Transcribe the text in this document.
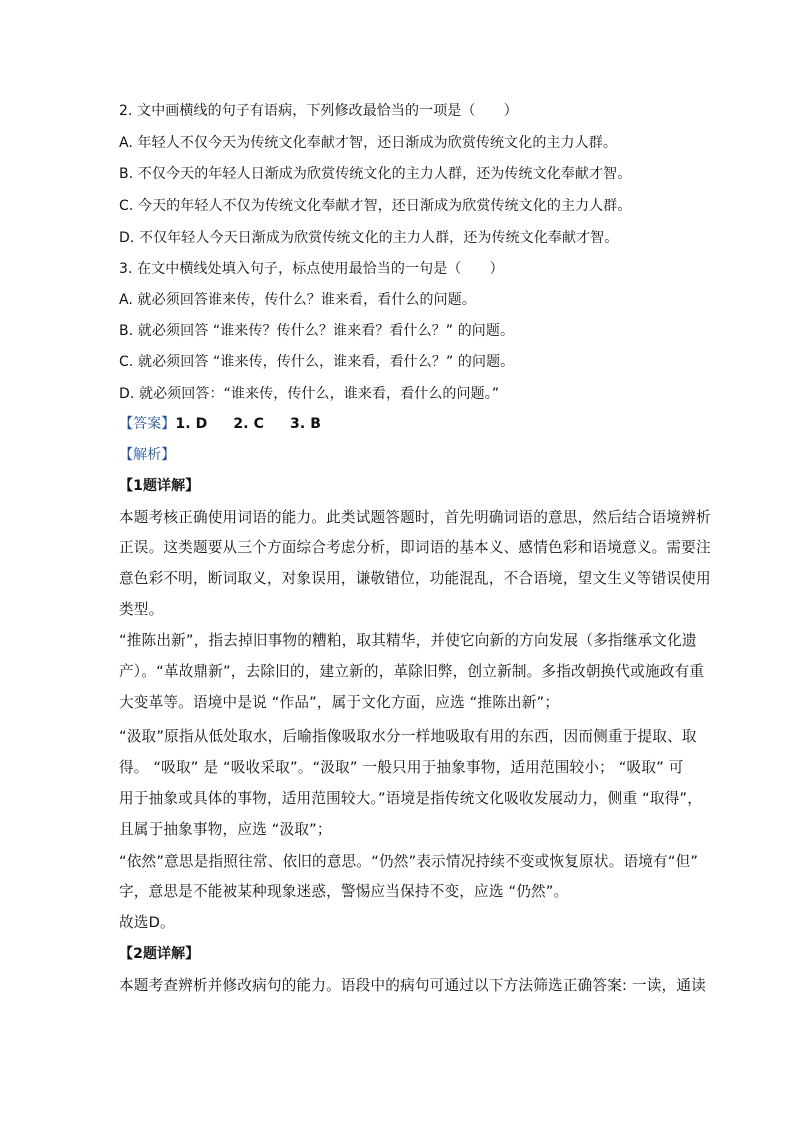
2. 文中画横线的句子有语病，下列修改最恰当的一项是（　　）
A. 年轻人不仅今天为传统文化奉献才智，还日渐成为欣赏传统文化的主力人群。
B. 不仅今天的年轻人日渐成为欣赏传统文化的主力人群，还为传统文化奉献才智。
C. 今天的年轻人不仅为传统文化奉献才智，还日渐成为欣赏传统文化的主力人群。
D. 不仅年轻人今天日渐成为欣赏传统文化的主力人群，还为传统文化奉献才智。
3. 在文中横线处填入句子，标点使用最恰当的一句是（　　）
A. 就必须回答谁来传，传什么？谁来看，看什么的问题。
B. 就必须回答 “谁来传？传什么？谁来看？看什么？” 的问题。
C. 就必须回答 “谁来传，传什么，谁来看，看什么？” 的问题。
D. 就必须回答：“谁来传，传什么，谁来看，看什么的问题。”
【答案】1. D 2. C 3. B
【解析】
【1题详解】
本题考核正确使用词语的能力。此类试题答题时，首先明确词语的意思，然后结合语境辨析
正误。这类题要从三个方面综合考虑分析，即词语的基本义、感情色彩和语境意义。需要注
意色彩不明，断词取义，对象误用，谦敬错位，功能混乱，不合语境，望文生义等错误使用
类型。
“推陈出新”，指去掉旧事物的糟粕，取其精华，并使它向新的方向发展（多指继承文化遗
产）。“革故鼎新”，去除旧的，建立新的，革除旧弊，创立新制。多指改朝换代或施政有重
大变革等。语境中是说 “作品”，属于文化方面，应选 “推陈出新”；
“汲取”原指从低处取水，后喻指像吸取水分一样地吸取有用的东西，因而侧重于提取、取
得。 “吸取” 是 “吸收采取”。“汲取” 一般只用于抽象事物，适用范围较小； “吸取” 可
用于抽象或具体的事物，适用范围较大。”语境是指传统文化吸收发展动力，侧重 “取得”，
且属于抽象事物，应选 “汲取”；
“依然”意思是指照往常、依旧的意思。“仍然”表示情况持续不变或恢复原状。语境有“但”
字，意思是不能被某种现象迷惑，警惕应当保持不变，应选 “仍然”。
故选D。
【2题详解】
本题考查辨析并修改病句的能力。语段中的病句可通过以下方法筛选正确答案: 一读，通读
